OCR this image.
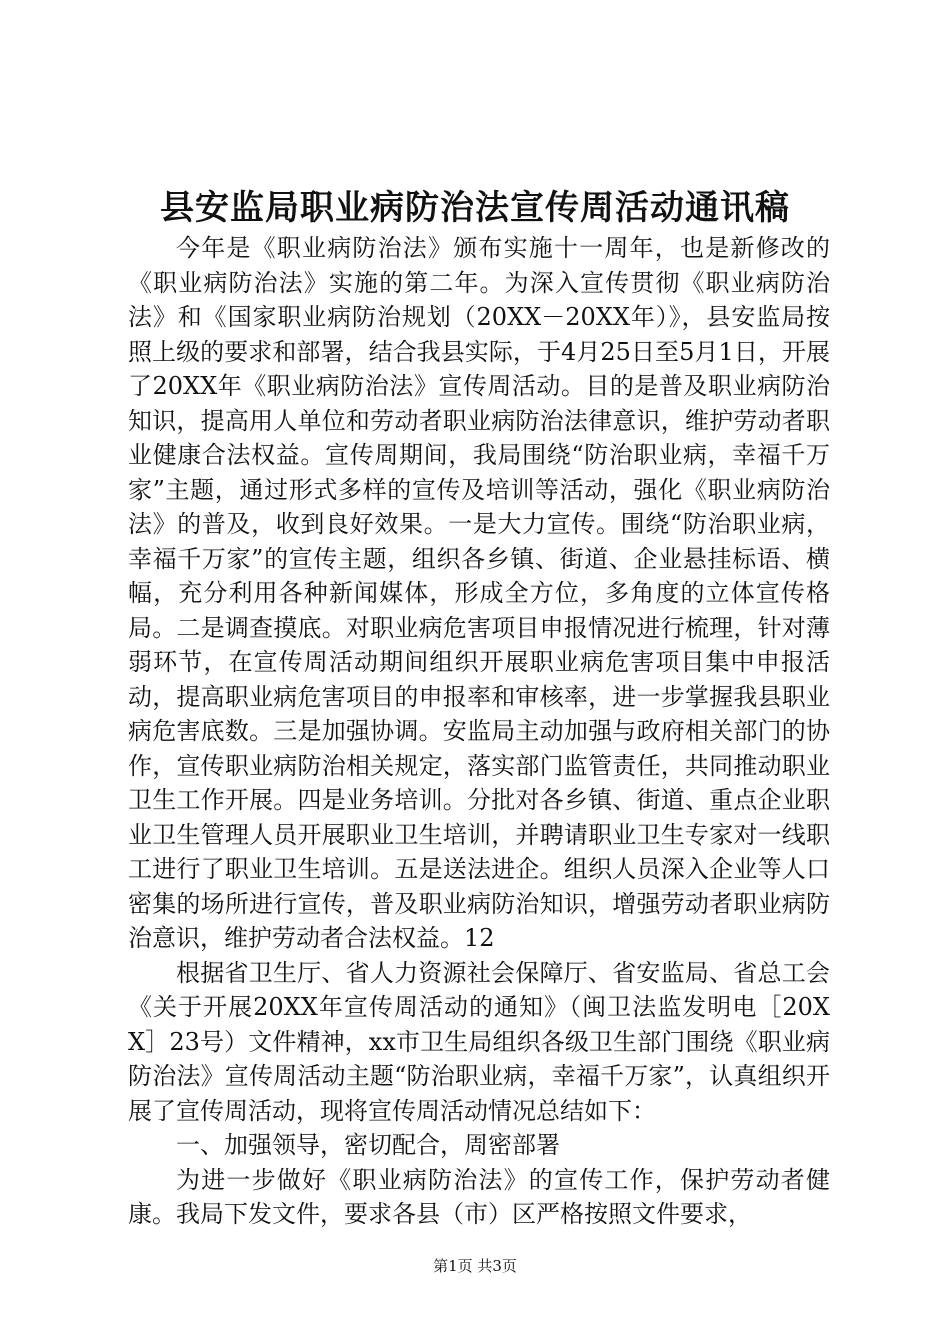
县安监局职业病防治法宣传周活动通讯稿

今年是《职业病防治法》颁布实施十一周年，也是新修改的《职业病防治法》实施的第二年。为深入宣传贯彻《职业病防治法》和《国家职业病防治规划（20XX－20XX年）》，县安监局按照上级的要求和部署，结合我县实际，于4月25日至5月1日，开展了20XX年《职业病防治法》宣传周活动。目的是普及职业病防治知识，提高用人单位和劳动者职业病防治法律意识，维护劳动者职业健康合法权益。宣传周期间，我局围绕“防治职业病，幸福千万家”主题，通过形式多样的宣传及培训等活动，强化《职业病防治法》的普及，收到良好效果。一是大力宣传。围绕“防治职业病，幸福千万家”的宣传主题，组织各乡镇、街道、企业悬挂标语、横幅，充分利用各种新闻媒体，形成全方位，多角度的立体宣传格局。二是调查摸底。对职业病危害项目申报情况进行梳理，针对薄弱环节，在宣传周活动期间组织开展职业病危害项目集中申报活动，提高职业病危害项目的申报率和审核率，进一步掌握我县职业病危害底数。三是加强协调。安监局主动加强与政府相关部门的协作，宣传职业病防治相关规定，落实部门监管责任，共同推动职业卫生工作开展。四是业务培训。分批对各乡镇、街道、重点企业职业卫生管理人员开展职业卫生培训，并聘请职业卫生专家对一线职工进行了职业卫生培训。五是送法进企。组织人员深入企业等人口密集的场所进行宣传，普及职业病防治知识，增强劳动者职业病防治意识，维护劳动者合法权益。12

根据省卫生厅、省人力资源社会保障厅、省安监局、省总工会《关于开展20XX年宣传周活动的通知》（闽卫法监发明电［20XX］23号）文件精神，xx市卫生局组织各级卫生部门围绕《职业病防治法》宣传周活动主题“防治职业病，幸福千万家”，认真组织开展了宣传周活动，现将宣传周活动情况总结如下：

一、加强领导，密切配合，周密部署

为进一步做好《职业病防治法》的宣传工作，保护劳动者健康。我局下发文件，要求各县（市）区严格按照文件要求，

第1页 共3页
